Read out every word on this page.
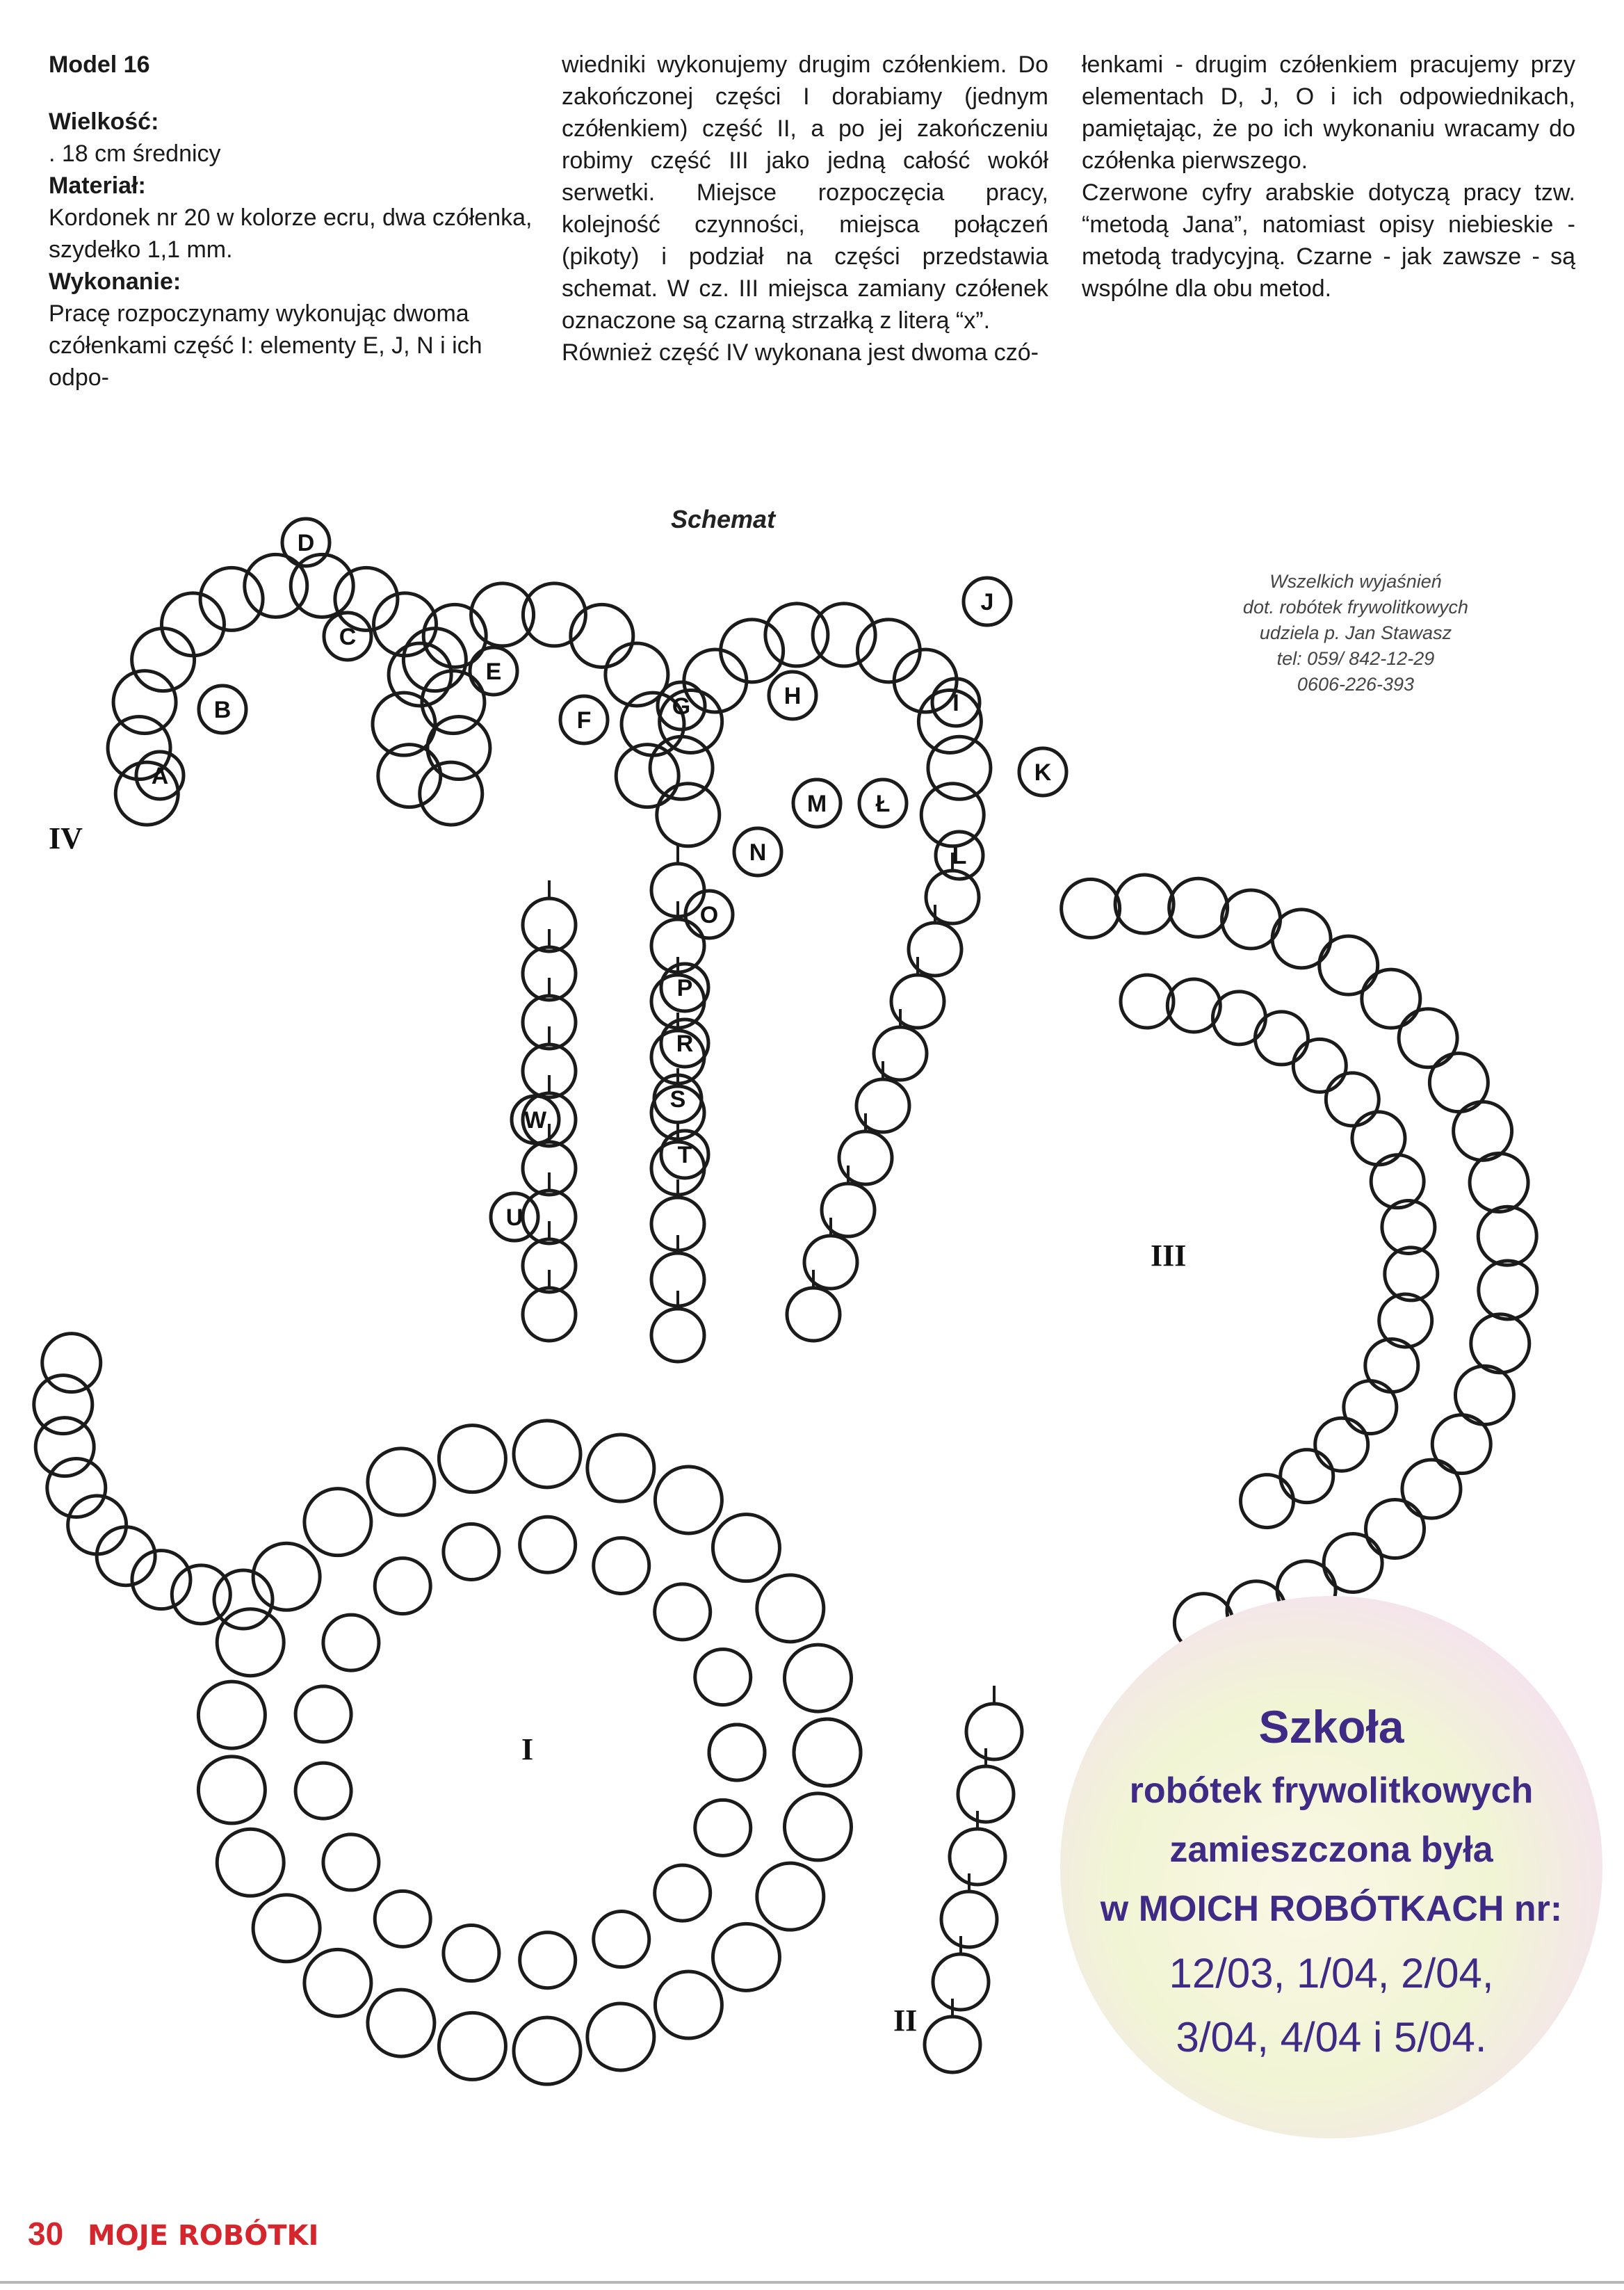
Model 16

Wielkość:

. 18 cm średnicy

Materiał:

Kordonek nr 20 w kolorze ecru, dwa czółenka, szydełko 1,1 mm.

Wykonanie:

Pracę rozpoczynamy wykonując dwoma czółenkami część I: elementy E, J, N i ich odpo-

wiedniki wykonujemy drugim czółenkiem. Do zakończonej części I dorabiamy (jednym czółenkiem) część II, a po jej zakończeniu robimy część III jako jedną całość wokół serwetki. Miejsce rozpoczęcia pracy, kolejność czynności, miejsca połączeń (pikoty) i podział na części przedstawia schemat. W cz. III miejsca zamiany czółenek oznaczone są czarną strzałką z literą “x”.

Również część IV wykonana jest dwoma czó-

łenkami - drugim czółenkiem pracujemy przy elementach D, J, O i ich odpowiednikach, pamiętając, że po ich wykonaniu wracamy do czółenka pierwszego.

Czerwone cyfry arabskie dotyczą pracy tzw. “metodą Jana”, natomiast opisy niebieskie - metodą tradycyjną. Czarne - jak zawsze - są wspólne dla obu metod.

Schemat
Wszelkich wyjaśnień
dot. robótek frywolitkowych
udziela p. Jan Stawasz
tel: 059/ 842-12-29
0606-226-393
A
B
C
D
E
F
G	H	I
J
K
L
Ł
M
N
O
P
R
S
T
U
W
IV
III
I
II
Szkoła
robótek frywolitkowych
zamieszczona była
w MOICH ROBÓTKACH nr:
12/03, 1/04, 2/04,
3/04, 4/04 i 5/04.
30 MOJE ROBÓTKI
